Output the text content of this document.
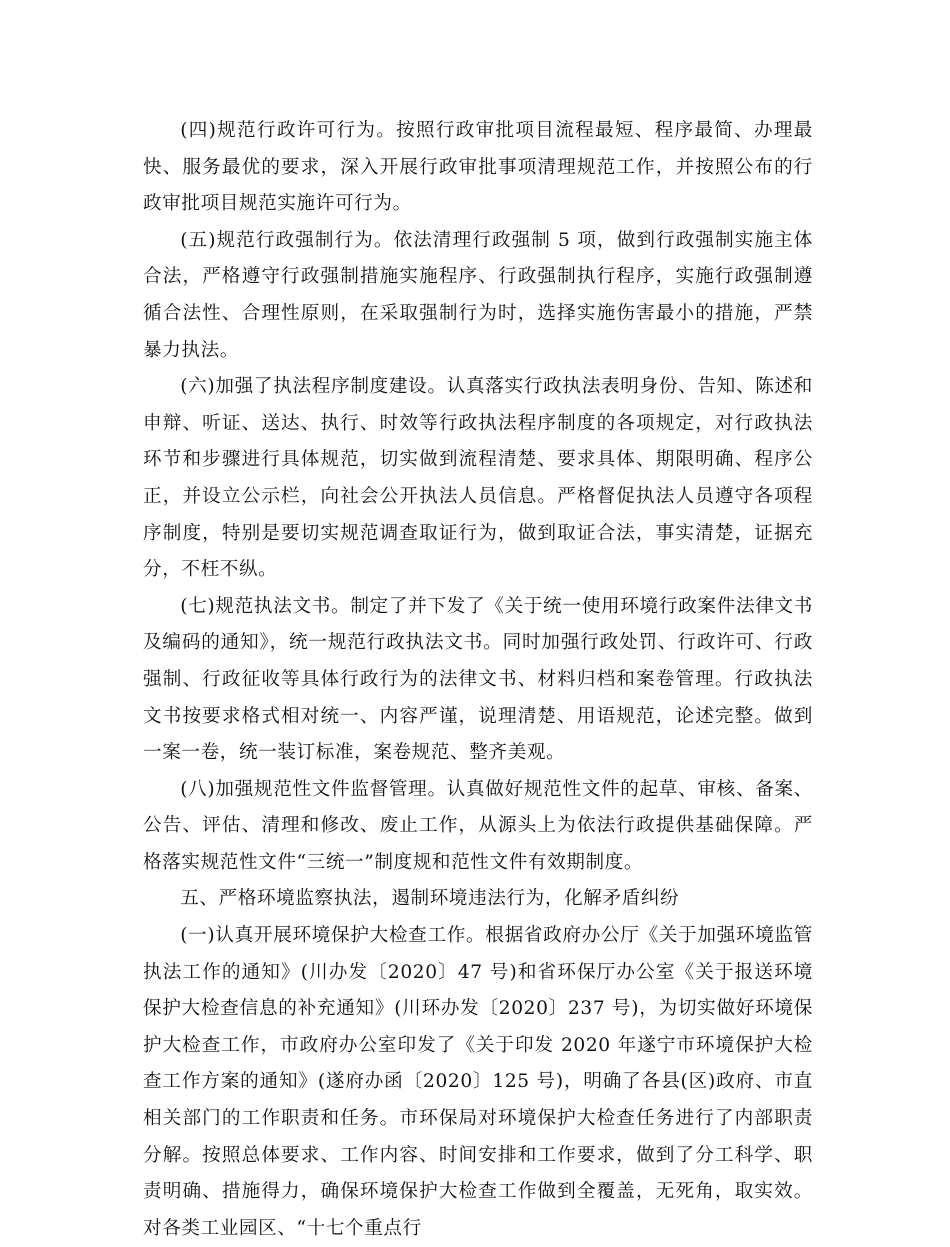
(四)规范行政许可行为。按照行政审批项目流程最短、程序最简、办理最快、服务最优的要求，深入开展行政审批事项清理规范工作，并按照公布的行政审批项目规范实施许可行为。

(五)规范行政强制行为。依法清理行政强制 5 项，做到行政强制实施主体合法，严格遵守行政强制措施实施程序、行政强制执行程序，实施行政强制遵循合法性、合理性原则，在采取强制行为时，选择实施伤害最小的措施，严禁暴力执法。

(六)加强了执法程序制度建设。认真落实行政执法表明身份、告知、陈述和申辩、听证、送达、执行、时效等行政执法程序制度的各项规定，对行政执法环节和步骤进行具体规范，切实做到流程清楚、要求具体、期限明确、程序公正，并设立公示栏，向社会公开执法人员信息。严格督促执法人员遵守各项程序制度，特别是要切实规范调查取证行为，做到取证合法，事实清楚，证据充分，不枉不纵。

(七)规范执法文书。制定了并下发了《关于统一使用环境行政案件法律文书及编码的通知》，统一规范行政执法文书。同时加强行政处罚、行政许可、行政强制、行政征收等具体行政行为的法律文书、材料归档和案卷管理。行政执法文书按要求格式相对统一、内容严谨，说理清楚、用语规范，论述完整。做到一案一卷，统一装订标准，案卷规范、整齐美观。

(八)加强规范性文件监督管理。认真做好规范性文件的起草、审核、备案、公告、评估、清理和修改、废止工作，从源头上为依法行政提供基础保障。严格落实规范性文件“三统一”制度规和范性文件有效期制度。

五、严格环境监察执法，遏制环境违法行为，化解矛盾纠纷

(一)认真开展环境保护大检查工作。根据省政府办公厅《关于加强环境监管执法工作的通知》(川办发〔2020〕47 号)和省环保厅办公室《关于报送环境保护大检查信息的补充通知》(川环办发〔2020〕237 号)，为切实做好环境保护大检查工作，市政府办公室印发了《关于印发 2020 年遂宁市环境保护大检查工作方案的通知》(遂府办函〔2020〕125 号)，明确了各县(区)政府、市直相关部门的工作职责和任务。市环保局对环境保护大检查任务进行了内部职责分解。按照总体要求、工作内容、时间安排和工作要求，做到了分工科学、职责明确、措施得力，确保环境保护大检查工作做到全覆盖，无死角，取实效。对各类工业园区、“十七个重点行
